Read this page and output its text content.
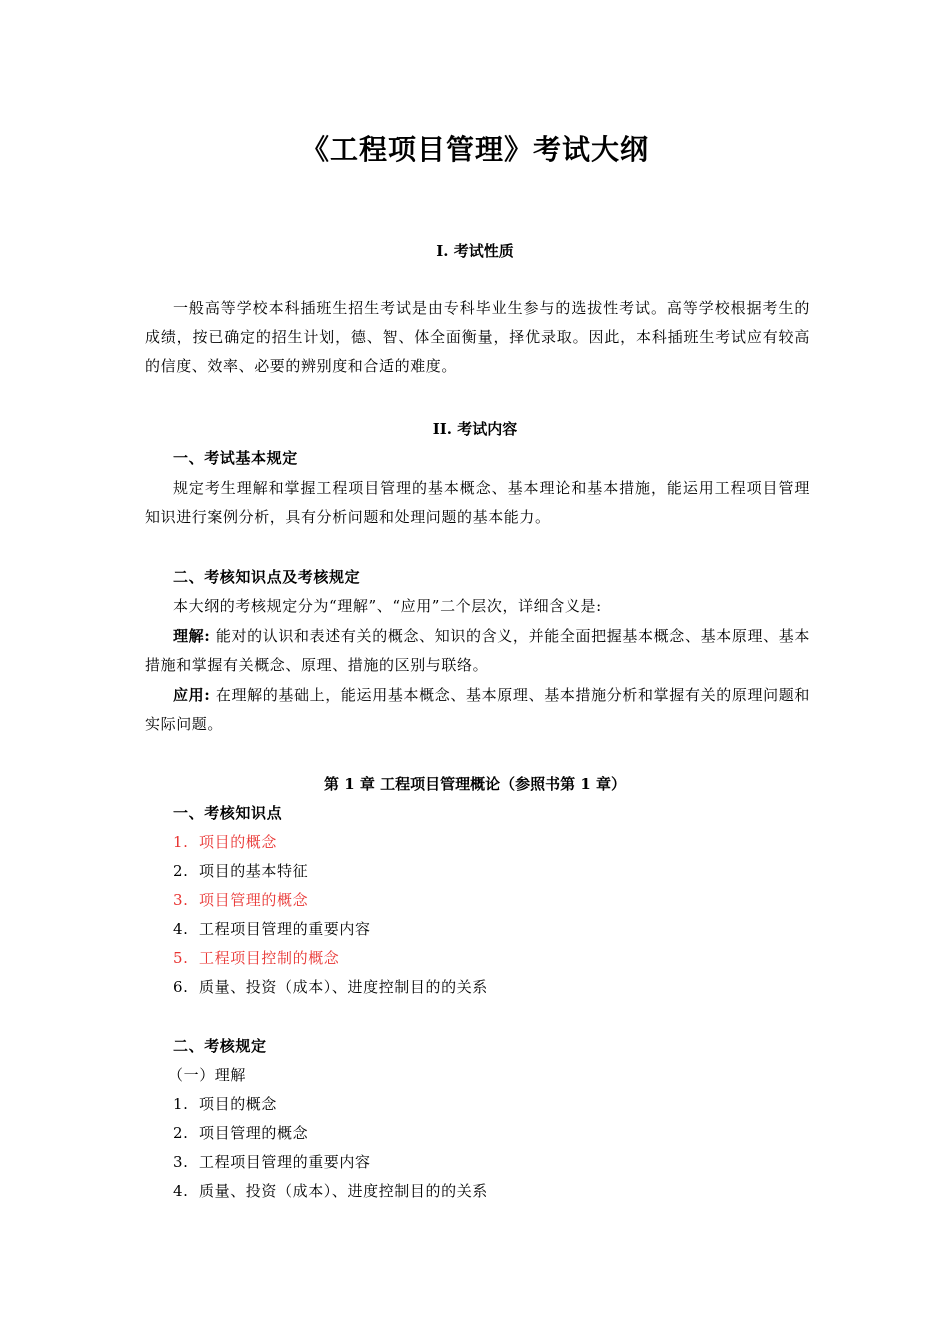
《工程项目管理》考试大纲
I. 考试性质
一般高等学校本科插班生招生考试是由专科毕业生参与的选拔性考试。高等学校根据考生的成绩，按已确定的招生计划，德、智、体全面衡量，择优录取。因此，本科插班生考试应有较高的信度、效率、必要的辨别度和合适的难度。
II. 考试内容
一、考试基本规定
规定考生理解和掌握工程项目管理的基本概念、基本理论和基本措施，能运用工程项目管理知识进行案例分析，具有分析问题和处理问题的基本能力。
二、考核知识点及考核规定
本大纲的考核规定分为“理解”、“应用”二个层次，详细含义是:
理解: 能对的认识和表述有关的概念、知识的含义，并能全面把握基本概念、基本原理、基本措施和掌握有关概念、原理、措施的区别与联络。
应用: 在理解的基础上，能运用基本概念、基本原理、基本措施分析和掌握有关的原理问题和实际问题。
第 1 章 工程项目管理概论（参照书第 1 章）
一、考核知识点
1. 项目的概念
2. 项目的基本特征
3. 项目管理的概念
4. 工程项目管理的重要内容
5. 工程项目控制的概念
6. 质量、投资（成本）、进度控制目的的关系
二、考核规定
（一）理解
1. 项目的概念
2. 项目管理的概念
3. 工程项目管理的重要内容
4. 质量、投资（成本）、进度控制目的的关系
